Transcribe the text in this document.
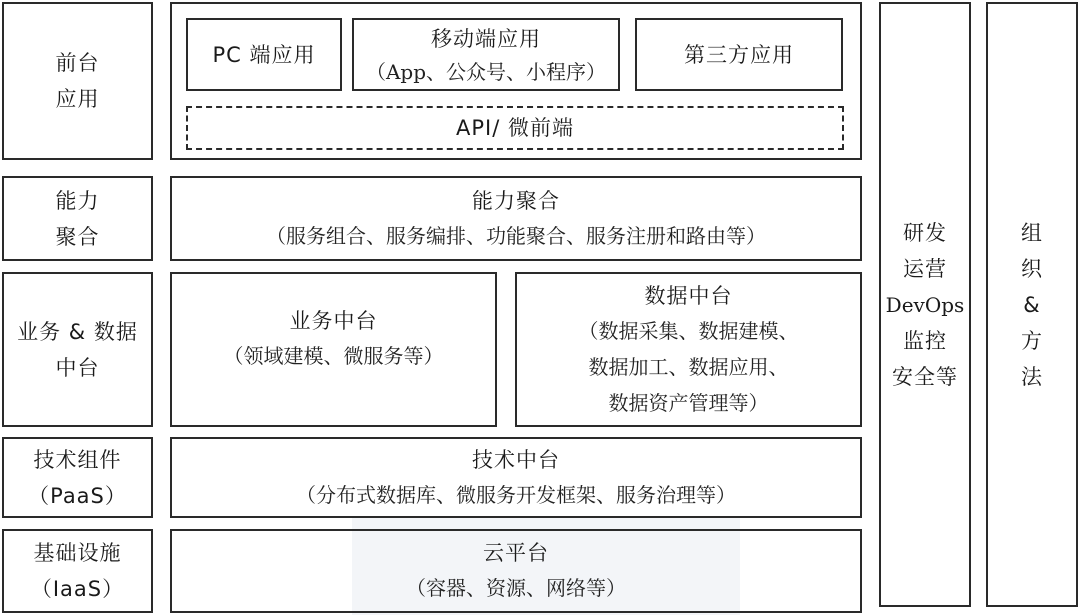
前台
应用
能力
聚合
业务 & 数据
中台
技术组件
（PaaS）
基础设施
（IaaS）
PC 端应用
移动端应用
（App、公众号、小程序）
第三方应用
API/ 微前端
能力聚合
（服务组合、服务编排、功能聚合、服务注册和路由等）
业务中台
（领域建模、微服务等）
数据中台
（数据采集、数据建模、
数据加工、数据应用、
数据资产管理等）
技术中台
（分布式数据库、微服务开发框架、服务治理等）
云平台
（容器、资源、网络等）
研发
运营
DevOps
监控
安全等
组
织
&
方
法
